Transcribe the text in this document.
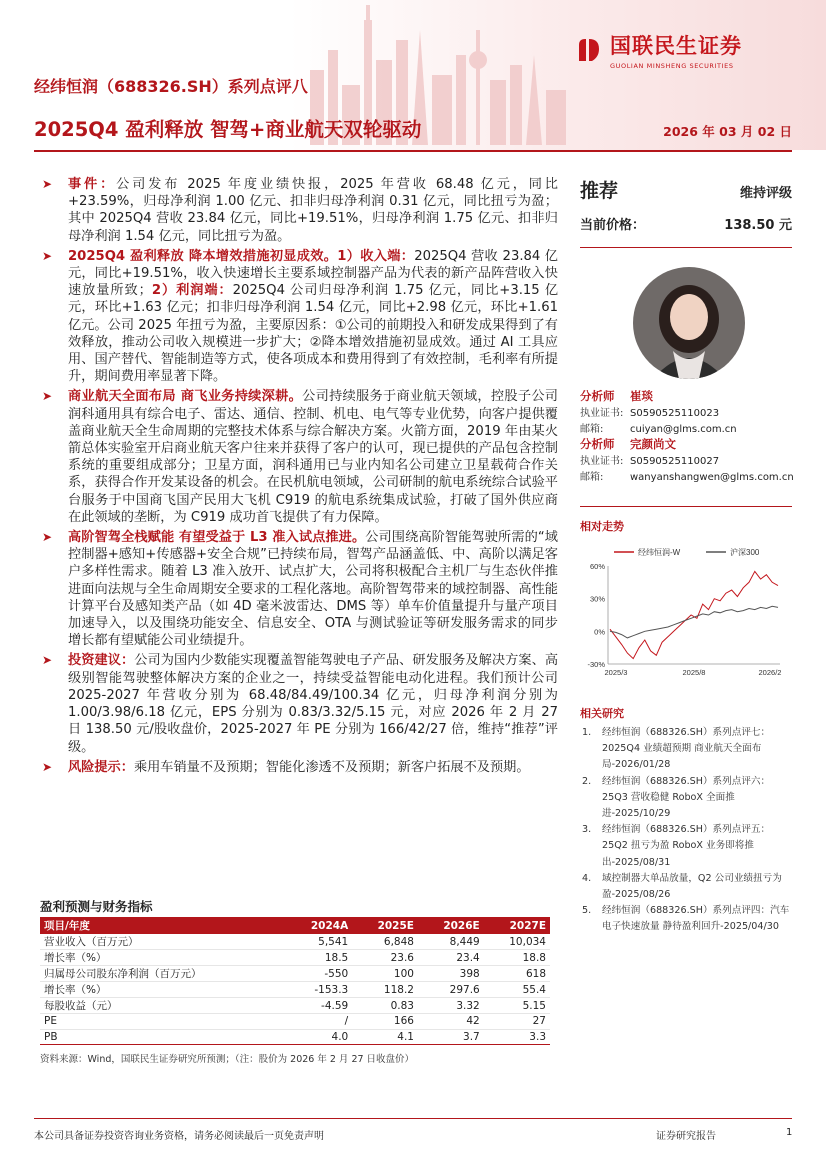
国联民生证券
GUOLIAN MINSHENG SECURITIES
经纬恒润（688326.SH）系列点评八
2025Q4 盈利释放 智驾+商业航天双轮驱动	2026 年 03 月 02 日
➤ 事件：公司发布 2025 年度业绩快报，2025 年营收 68.48 亿元，同比+23.59%，归母净利润 1.00 亿元、扣非归母净利润 0.31 亿元，同比扭亏为盈；其中 2025Q4 营收 23.84 亿元，同比+19.51%，归母净利润 1.75 亿元、扣非归母净利润 1.54 亿元，同比扭亏为盈。
➤ 2025Q4 盈利释放 降本增效措施初显成效。1）收入端：2025Q4 营收 23.84 亿元，同比+19.51%，收入快速增长主要系域控制器产品为代表的新产品阵营收入快速放量所致；2）利润端：2025Q4 公司归母净利润 1.75 亿元，同比+3.15 亿元，环比+1.63 亿元；扣非归母净利润 1.54 亿元，同比+2.98 亿元，环比+1.61 亿元。公司 2025 年扭亏为盈，主要原因系：①公司的前期投入和研发成果得到了有效释放，推动公司收入规模进一步扩大；②降本增效措施初显成效。通过 AI 工具应用、国产替代、智能制造等方式，使各项成本和费用得到了有效控制，毛利率有所提升，期间费用率显著下降。
➤ 商业航天全面布局 商飞业务持续深耕。公司持续服务于商业航天领域，控股子公司润科通用具有综合电子、雷达、通信、控制、机电、电气等专业优势，向客户提供覆盖商业航天全生命周期的完整技术体系与综合解决方案。火箭方面，2019 年由某火箭总体实验室开启商业航天客户往来并获得了客户的认可，现已提供的产品包含控制系统的重要组成部分；卫星方面，润科通用已与业内知名公司建立卫星载荷合作关系，获得合作开发某设备的机会。在民机航电领域，公司研制的航电系统综合试验平台服务于中国商飞国产民用大飞机 C919 的航电系统集成试验，打破了国外供应商在此领域的垄断，为 C919 成功首飞提供了有力保障。
➤ 高阶智驾全栈赋能 有望受益于 L3 准入试点推进。公司围绕高阶智能驾驶所需的“域控制器+感知+传感器+安全合规”已持续布局，智驾产品涵盖低、中、高阶以满足客户多样性需求。随着 L3 准入放开、试点扩大，公司将积极配合主机厂与生态伙伴推进面向法规与全生命周期安全要求的工程化落地。高阶智驾带来的域控制器、高性能计算平台及感知类产品（如 4D 毫米波雷达、DMS 等）单车价值量提升与量产项目加速导入，以及围绕功能安全、信息安全、OTA 与测试验证等研发服务需求的同步增长都有望赋能公司业绩提升。
➤ 投资建议：公司为国内少数能实现覆盖智能驾驶电子产品、研发服务及解决方案、高级别智能驾驶整体解决方案的企业之一，持续受益智能电动化进程。我们预计公司 2025-2027 年营收分别为 68.48/84.49/100.34 亿元，归母净利润分别为 1.00/3.98/6.18 亿元，EPS 分别为 0.83/3.32/5.15 元，对应 2026 年 2 月 27 日 138.50 元/股收盘价，2025-2027 年 PE 分别为 166/42/27 倍，维持“推荐”评级。
➤ 风险提示：乘用车销量不及预期；智能化渗透不及预期；新客户拓展不及预期。
推荐	维持评级
当前价格：	138.50 元
分析师 崔琰
执业证书: S0590525110023
邮箱:	cuiyan@glms.com.cn
分析师 完颜尚文
执业证书: S0590525110027
邮箱:	wanyanshangwen@glms.com.cn
相对走势
60%
30%
0%
-30%
2025/3	2025/8	2026/2
经纬恒润-W	沪深300
相关研究
1. 经纬恒润（688326.SH）系列点评七：2025Q4 业绩超预期 商业航天全面布局-2026/01/28
2. 经纬恒润（688326.SH）系列点评六：25Q3 营收稳健 RoboX 全面推进-2025/10/29
3. 经纬恒润（688326.SH）系列点评五：25Q2 扭亏为盈 RoboX 业务即将推出-2025/08/31
4. 域控制器大单品放量，Q2 公司业绩扭亏为盈-2025/08/26
5. 经纬恒润（688326.SH）系列点评四：汽车电子快速放量 静待盈利回升-2025/04/30
盈利预测与财务指标
项目/年度	2024A	2025E	2026E	2027E
营业收入（百万元）	5,541	6,848	8,449	10,034
增长率（%）	18.5	23.6	23.4	18.8
归属母公司股东净利润（百万元）	-550	100	398	618
增长率（%）	-153.3	118.2	297.6	55.4
每股收益（元）	-4.59	0.83	3.32	5.15
PE	/	166	42	27
PB	4.0	4.1	3.7	3.3
资料来源：Wind，国联民生证券研究所预测；（注：股价为 2026 年 2 月 27 日收盘价）
本公司具备证券投资咨询业务资格，请务必阅读最后一页免责声明	证券研究报告	1
